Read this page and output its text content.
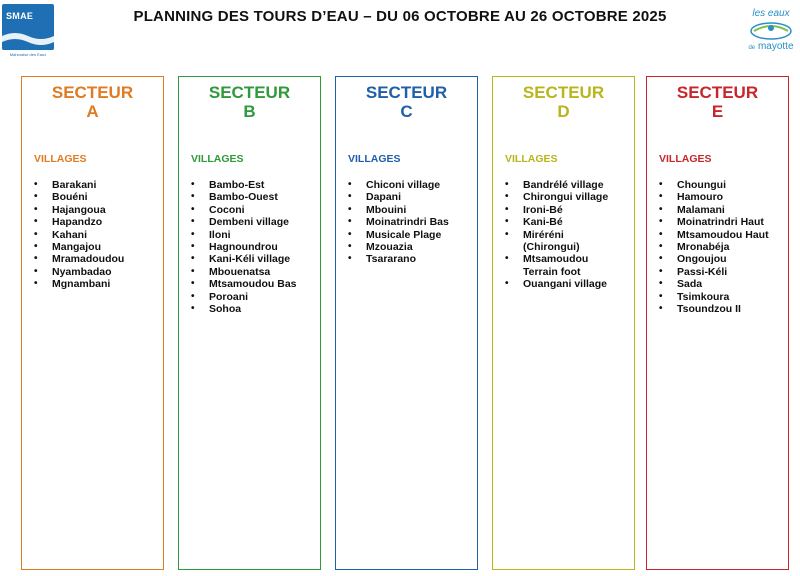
SMAE
Mahoraise des Eaux
PLANNING DES TOURS D’EAU – DU 06 OCTOBRE AU 26 OCTOBRE 2025	les eaux
de mayotte
SECTEUR
A
VILLAGES
• Barakani
• Bouéni
• Hajangoua
• Hapandzo
• Kahani
• Mangajou
• Mramadoudou
• Nyambadao
• Mgnambani
SECTEUR
B
VILLAGES
• Bambo-Est
• Bambo-Ouest
• Coconi
• Dembeni village
• Iloni
• Hagnoundrou
• Kani-Kéli village
• Mbouenatsa
• Mtsamoudou Bas
• Poroani
• Sohoa
SECTEUR
C
VILLAGES
• Chiconi village
• Dapani
• Mbouini
• Moinatrindri Bas
• Musicale Plage
• Mzouazia
• Tsararano
SECTEUR
D
VILLAGES
• Bandrélé village
• Chirongui village
• Ironi-Bé
• Kani-Bé
• Miréréni (Chirongui)
• Mtsamoudou Terrain foot
• Ouangani village
SECTEUR
E
VILLAGES
• Choungui
• Hamouro
• Malamani
• Moinatrindri Haut
• Mtsamoudou Haut
• Mronabéja
• Ongoujou
• Passi-Kéli
• Sada
• Tsimkoura
• Tsoundzou II
